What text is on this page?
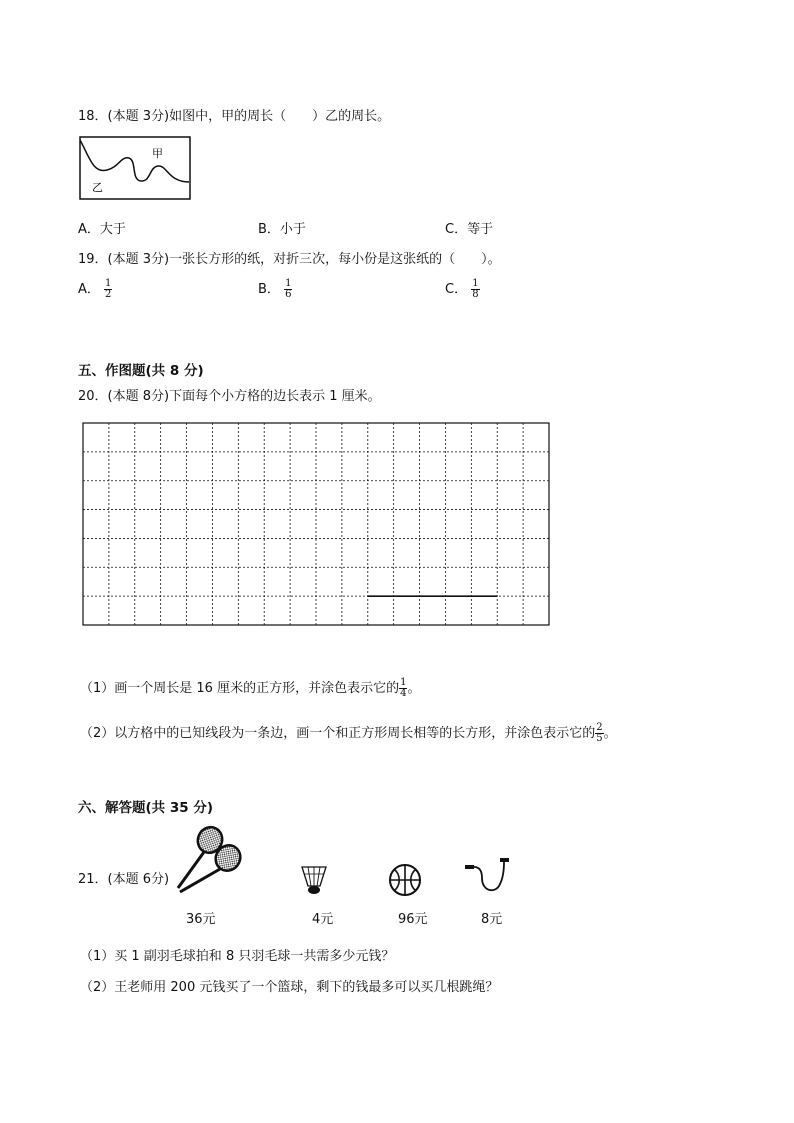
18．(本题 3分)如图中，甲的周长（　　）乙的周长。
甲
乙
A．大于	B．小于	C．等于
19．(本题 3分)一张长方形的纸，对折三次，每小份是这张纸的（　　）。
A． $\frac{1}{2}$	B． $\frac{1}{6}$	C． $\frac{1}{8}$
五、作图题(共 8 分)
20．(本题 8分)下面每个小方格的边长表示 1 厘米。
（1）画一个周长是 16 厘米的正方形，并涂色表示它的 $\frac{1}{4}$ 。
（2）以方格中的已知线段为一条边，画一个和正方形周长相等的长方形，并涂色表示它的 $\frac{2}{5}$ 。
六、解答题(共 35 分)
21．(本题 6分)
36元	4元	96元	8元
（1）买 1 副羽毛球拍和 8 只羽毛球一共需多少元钱？
（2）王老师用 200 元钱买了一个篮球，剩下的钱最多可以买几根跳绳？
